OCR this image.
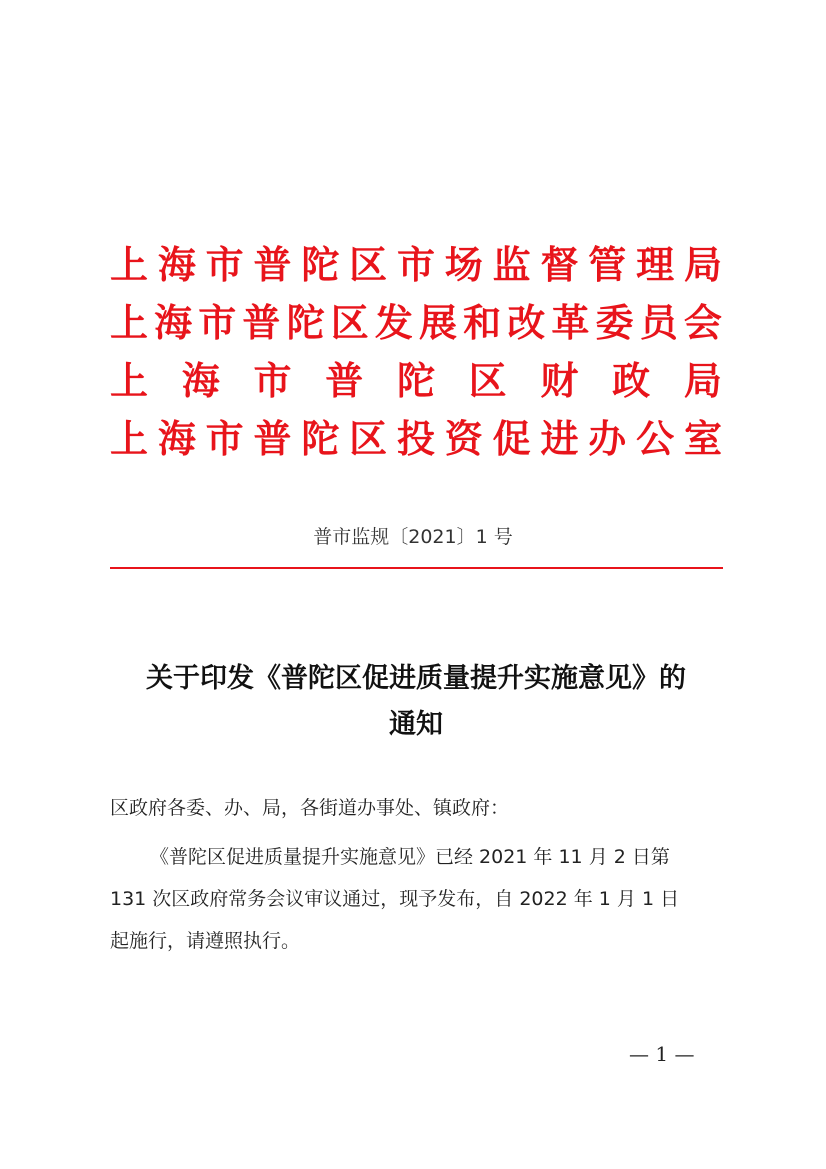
上 海 市 普 陀 区 市 场 监 督 管 理 局
上 海 市 普 陀 区 发 展 和 改 革 委 员 会
上 海 市 普 陀 区 财 政 局
上 海 市 普 陀 区 投 资 促 进 办 公 室
普市监规〔2021〕1 号
关于印发《普陀区促进质量提升实施意见》的
通知
区政府各委、办、局，各街道办事处、镇政府：
《普陀区促进质量提升实施意见》已经 2021 年 11 月 2 日第
131 次区政府常务会议审议通过，现予发布，自 2022 年 1 月 1 日
起施行，请遵照执行。
— 1 —
